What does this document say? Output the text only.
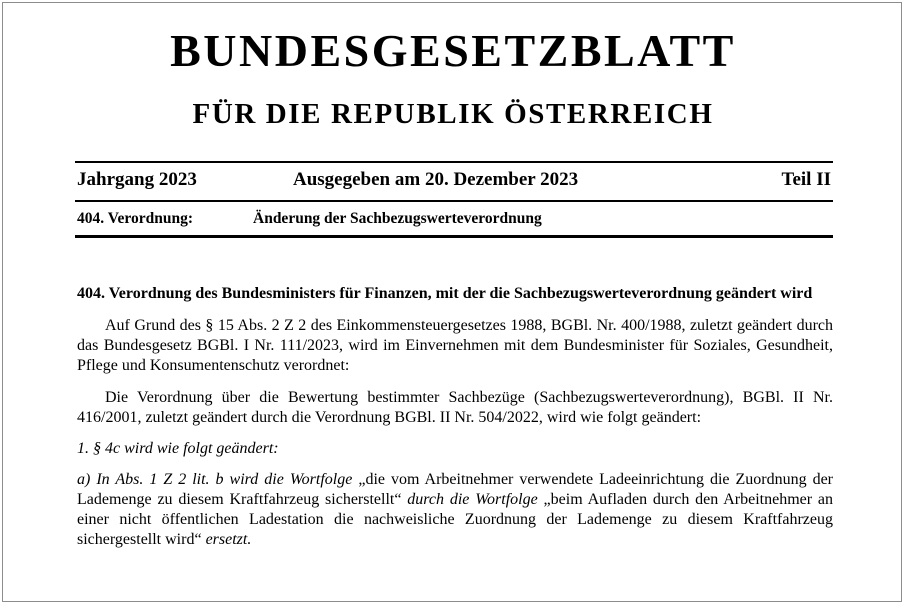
BUNDESGESETZBLATT
FÜR DIE REPUBLIK ÖSTERREICH
Jahrgang 2023	Ausgegeben am 20. Dezember 2023	Teil II
404. Verordnung:	Änderung der Sachbezugswerteverordnung

404. Verordnung des Bundesministers für Finanzen, mit der die Sachbezugswerteverordnung geändert wird

Auf Grund des § 15 Abs. 2 Z 2 des Einkommensteuergesetzes 1988, BGBl. Nr. 400/1988, zuletzt geändert durch das Bundesgesetz BGBl. I Nr. 111/2023, wird im Einvernehmen mit dem Bundesminister für Soziales, Gesundheit, Pflege und Konsumentenschutz verordnet:

Die Verordnung über die Bewertung bestimmter Sachbezüge (Sachbezugswerteverordnung), BGBl. II Nr. 416/2001, zuletzt geändert durch die Verordnung BGBl. II Nr. 504/2022, wird wie folgt geändert:

1. § 4c wird wie folgt geändert:

a) In Abs. 1 Z 2 lit. b wird die Wortfolge „die vom Arbeitnehmer verwendete Ladeeinrichtung die Zuordnung der Lademenge zu diesem Kraftfahrzeug sicherstellt“ durch die Wortfolge „beim Aufladen durch den Arbeitnehmer an einer nicht öffentlichen Ladestation die nachweisliche Zuordnung der Lademenge zu diesem Kraftfahrzeug sichergestellt wird“ ersetzt.
